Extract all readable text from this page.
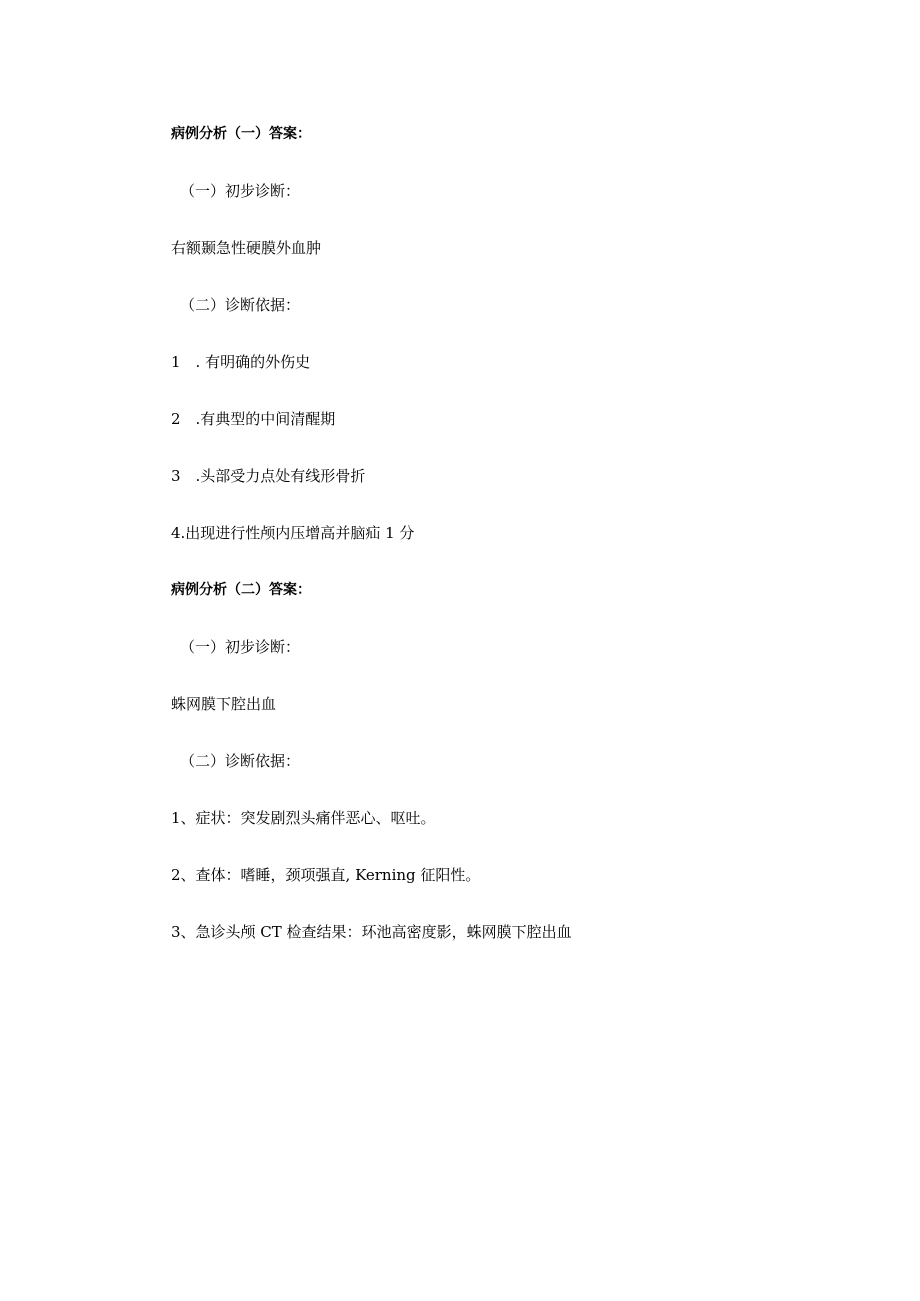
病例分析（一）答案：
（一）初步诊断：
右额颞急性硬膜外血肿
（二）诊断依据：
1　. 有明确的外伤史
2　.有典型的中间清醒期
3　.头部受力点处有线形骨折
4.出现进行性颅内压增高并脑疝 1 分
病例分析（二）答案：
（一）初步诊断：
蛛网膜下腔出血
（二）诊断依据：
1、症状：突发剧烈头痛伴恶心、呕吐。
2、查体：嗜睡，颈项强直, Kerning 征阳性。
3、急诊头颅 CT 检查结果：环池高密度影，蛛网膜下腔出血
